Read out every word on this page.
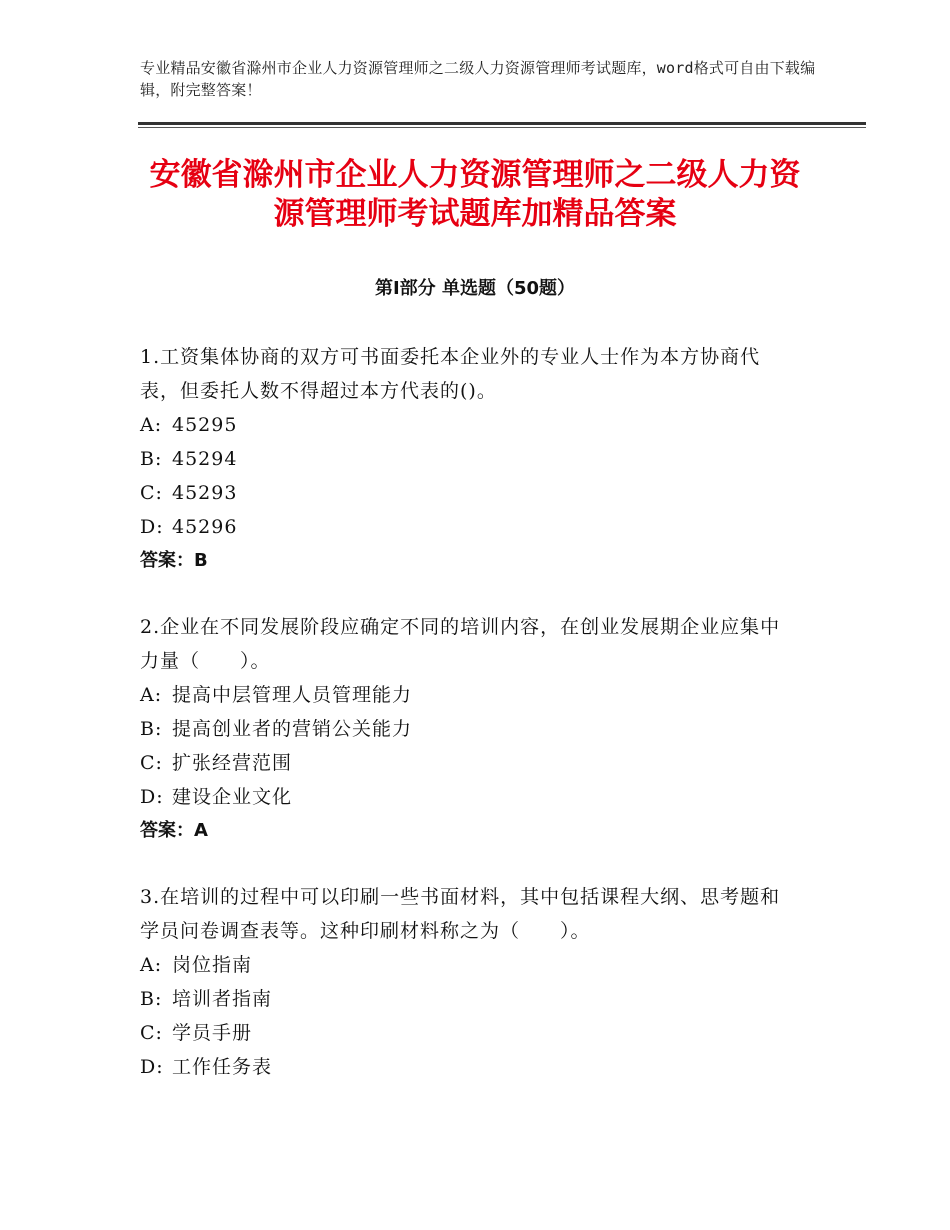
专业精品安徽省滁州市企业人力资源管理师之二级人力资源管理师考试题库，word格式可自由下载编辑，附完整答案！
安徽省滁州市企业人力资源管理师之二级人力资源管理师考试题库加精品答案
第Ⅰ部分 单选题（50题）

1.工资集体协商的双方可书面委托本企业外的专业人士作为本方协商代表，但委托人数不得超过本方代表的()。

A: 45295

B: 45294

C: 45293

D: 45296

答案：B

2.企业在不同发展阶段应确定不同的培训内容，在创业发展期企业应集中力量（　　）。

A: 提高中层管理人员管理能力

B: 提高创业者的营销公关能力

C: 扩张经营范围

D: 建设企业文化

答案：A

3.在培训的过程中可以印刷一些书面材料，其中包括课程大纲、思考题和学员问卷调查表等。这种印刷材料称之为（　　）。

A: 岗位指南

B: 培训者指南

C: 学员手册

D: 工作任务表
